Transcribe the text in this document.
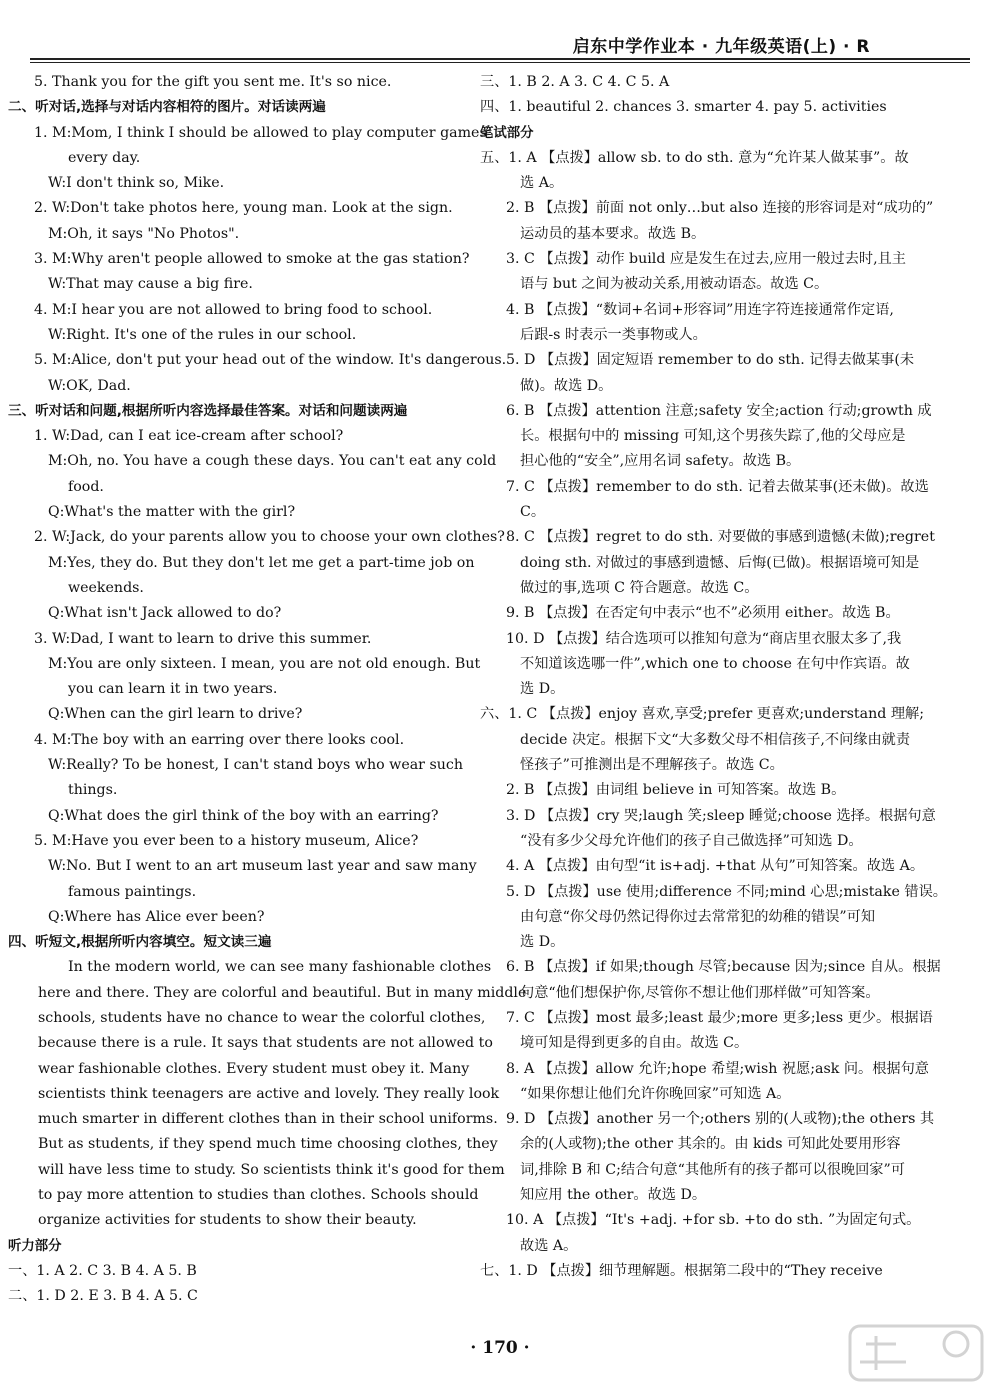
启东中学作业本 · 九年级英语(上) · R
5. Thank you for the gift you sent me. It's so nice.
二、听对话,选择与对话内容相符的图片。对话读两遍
1. M:Mom, I think I should be allowed to play computer games
every day.
W:I don't think so, Mike.
2. W:Don't take photos here, young man. Look at the sign.
M:Oh, it says "No Photos".
3. M:Why aren't people allowed to smoke at the gas station?
W:That may cause a big fire.
4. M:I hear you are not allowed to bring food to school.
W:Right. It's one of the rules in our school.
5. M:Alice, don't put your head out of the window. It's dangerous.
W:OK, Dad.
三、听对话和问题,根据所听内容选择最佳答案。对话和问题读两遍
1. W:Dad, can I eat ice-cream after school?
M:Oh, no. You have a cough these days. You can't eat any cold
food.
Q:What's the matter with the girl?
2. W:Jack, do your parents allow you to choose your own clothes?
M:Yes, they do. But they don't let me get a part-time job on
weekends.
Q:What isn't Jack allowed to do?
3. W:Dad, I want to learn to drive this summer.
M:You are only sixteen. I mean, you are not old enough. But
you can learn it in two years.
Q:When can the girl learn to drive?
4. M:The boy with an earring over there looks cool.
W:Really? To be honest, I can't stand boys who wear such
things.
Q:What does the girl think of the boy with an earring?
5. M:Have you ever been to a history museum, Alice?
W:No. But I went to an art museum last year and saw many
famous paintings.
Q:Where has Alice ever been?
四、听短文,根据所听内容填空。短文读三遍
In the modern world, we can see many fashionable clothes
here and there. They are colorful and beautiful. But in many middle
schools, students have no chance to wear the colorful clothes,
because there is a rule. It says that students are not allowed to
wear fashionable clothes. Every student must obey it. Many
scientists think teenagers are active and lovely. They really look
much smarter in different clothes than in their school uniforms.
But as students, if they spend much time choosing clothes, they
will have less time to study. So scientists think it's good for them
to pay more attention to studies than clothes. Schools should
organize activities for students to show their beauty.
听力部分
一、1. A 2. C 3. B 4. A 5. B
二、1. D 2. E 3. B 4. A 5. C
三、1. B 2. A 3. C 4. C 5. A
四、1. beautiful 2. chances 3. smarter 4. pay 5. activities
笔试部分
五、1. A 【点拨】allow sb. to do sth. 意为“允许某人做某事”。故
选 A。
2. B 【点拨】前面 not only…but also 连接的形容词是对“成功的”
运动员的基本要求。故选 B。
3. C 【点拨】动作 build 应是发生在过去,应用一般过去时,且主
语与 but 之间为被动关系,用被动语态。故选 C。
4. B 【点拨】“数词+名词+形容词”用连字符连接通常作定语,
后跟-s 时表示一类事物或人。
5. D 【点拨】固定短语 remember to do sth. 记得去做某事(未
做)。故选 D。
6. B 【点拨】attention 注意;safety 安全;action 行动;growth 成
长。根据句中的 missing 可知,这个男孩失踪了,他的父母应是
担心他的“安全”,应用名词 safety。故选 B。
7. C 【点拨】remember to do sth. 记着去做某事(还未做)。故选
C。
8. C 【点拨】regret to do sth. 对要做的事感到遗憾(未做);regret
doing sth. 对做过的事感到遗憾、后悔(已做)。根据语境可知是
做过的事,选项 C 符合题意。故选 C。
9. B 【点拨】在否定句中表示“也不”必须用 either。故选 B。
10. D 【点拨】结合选项可以推知句意为“商店里衣服太多了,我
不知道该选哪一件”,which one to choose 在句中作宾语。故
选 D。
六、1. C 【点拨】enjoy 喜欢,享受;prefer 更喜欢;understand 理解;
decide 决定。根据下文“大多数父母不相信孩子,不问缘由就责
怪孩子”可推测出是不理解孩子。故选 C。
2. B 【点拨】由词组 believe in 可知答案。故选 B。
3. D 【点拨】cry 哭;laugh 笑;sleep 睡觉;choose 选择。根据句意
“没有多少父母允许他们的孩子自己做选择”可知选 D。
4. A 【点拨】由句型“it is+adj. +that 从句”可知答案。故选 A。
5. D 【点拨】use 使用;difference 不同;mind 心思;mistake 错误。
由句意“你父母仍然记得你过去常常犯的幼稚的错误”可知
选 D。
6. B 【点拨】if 如果;though 尽管;because 因为;since 自从。根据
句意“他们想保护你,尽管你不想让他们那样做”可知答案。
7. C 【点拨】most 最多;least 最少;more 更多;less 更少。根据语
境可知是得到更多的自由。故选 C。
8. A 【点拨】allow 允许;hope 希望;wish 祝愿;ask 问。根据句意
“如果你想让他们允许你晚回家”可知选 A。
9. D 【点拨】another 另一个;others 别的(人或物);the others 其
余的(人或物);the other 其余的。由 kids 可知此处要用形容
词,排除 B 和 C;结合句意“其他所有的孩子都可以很晚回家”可
知应用 the other。故选 D。
10. A 【点拨】“It's +adj. +for sb. +to do sth. ”为固定句式。
故选 A。
七、1. D 【点拨】细节理解题。根据第二段中的“They receive
· 170 ·
